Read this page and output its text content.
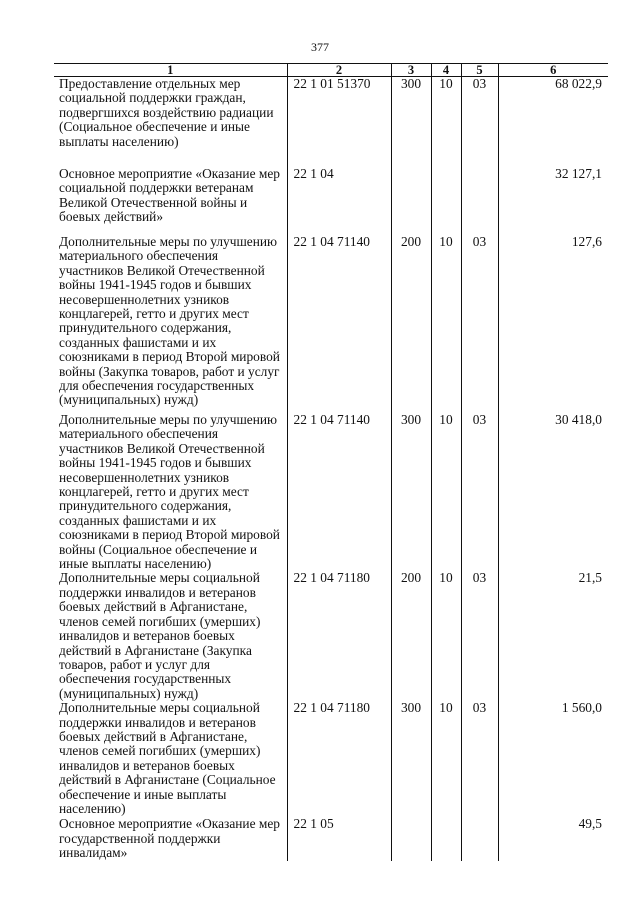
377
1	2	3	4	5	6
Предоставление отдельных мер социальной поддержки граждан, подвергшихся воздействию радиации (Социальное обеспечение и иные выплаты населению)	22 1 01 51370	300	10	03	68 022,9
Основное мероприятие «Оказание мер социальной поддержки ветеранам Великой Отечественной войны и боевых действий»	22 1 04				32 127,1
Дополнительные меры по улучшению материального обеспечения участников Великой Отечественной войны 1941-1945 годов и бывших несовершеннолетних узников концлагерей, гетто и других мест принудительного содержания, созданных фашистами и их союзниками в период Второй мировой войны (Закупка товаров, работ и услуг для обеспечения государственных (муниципальных) нужд)	22 1 04 71140	200	10	03	127,6
Дополнительные меры по улучшению материального обеспечения участников Великой Отечественной войны 1941-1945 годов и бывших несовершеннолетних узников концлагерей, гетто и других мест принудительного содержания, созданных фашистами и их союзниками в период Второй мировой войны (Социальное обеспечение и иные выплаты населению)	22 1 04 71140	300	10	03	30 418,0
Дополнительные меры социальной поддержки инвалидов и ветеранов боевых действий в Афганистане, членов семей погибших (умерших) инвалидов и ветеранов боевых действий в Афганистане (Закупка товаров, работ и услуг для обеспечения государственных (муниципальных) нужд)	22 1 04 71180	200	10	03	21,5
Дополнительные меры социальной поддержки инвалидов и ветеранов боевых действий в Афганистане, членов семей погибших (умерших) инвалидов и ветеранов боевых действий в Афганистане (Социальное обеспечение и иные выплаты населению)	22 1 04 71180	300	10	03	1 560,0
Основное мероприятие «Оказание мер государственной поддержки инвалидам»	22 1 05				49,5
